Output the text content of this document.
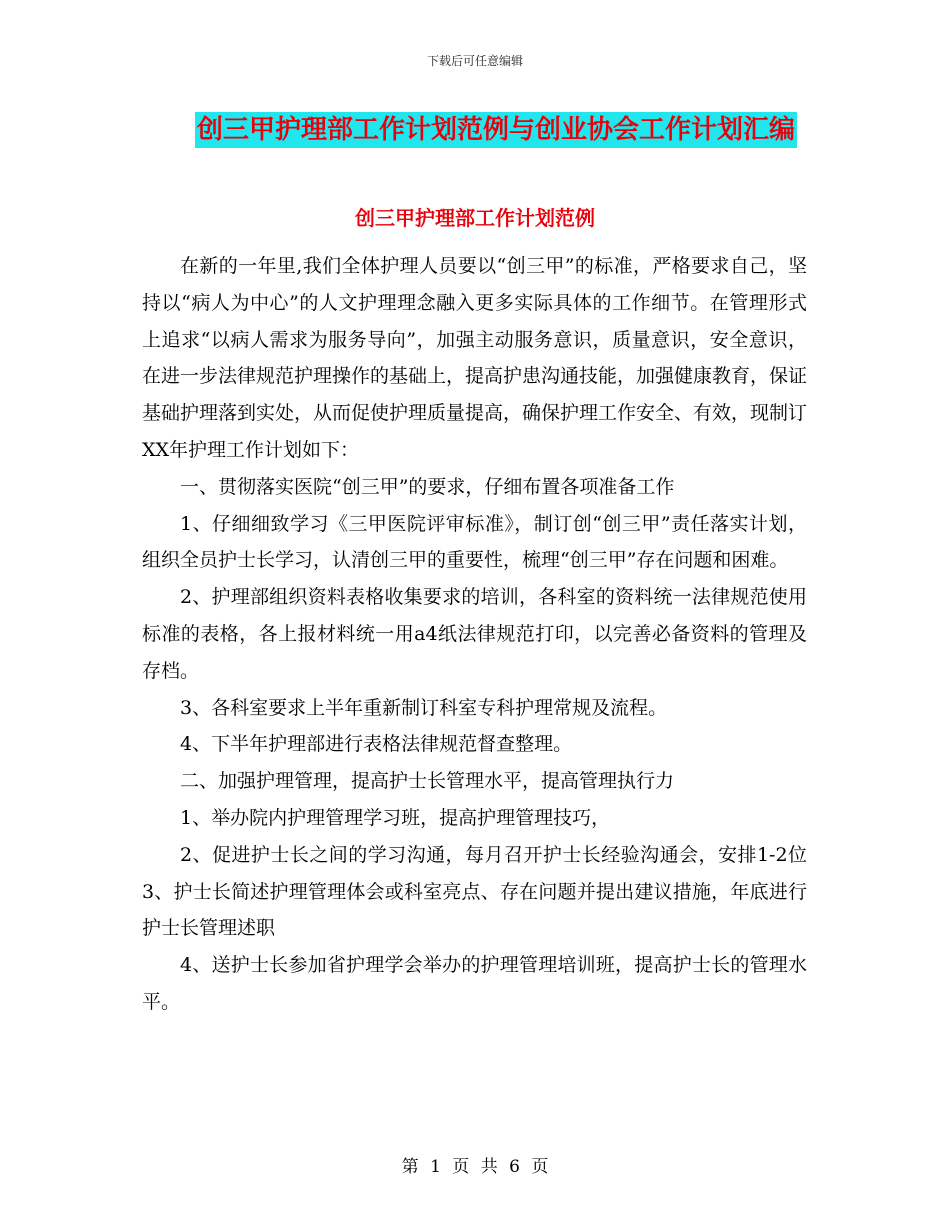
下载后可任意编辑
创三甲护理部工作计划范例与创业协会工作计划汇编
创三甲护理部工作计划范例

在新的一年里,我们全体护理人员要以“创三甲”的标准，严格要求自己，坚持以“病人为中心”的人文护理理念融入更多实际具体的工作细节。在管理形式上追求“以病人需求为服务导向”，加强主动服务意识，质量意识，安全意识，在进一步法律规范护理操作的基础上，提高护患沟通技能，加强健康教育，保证基础护理落到实处，从而促使护理质量提高，确保护理工作安全、有效，现制订XX年护理工作计划如下：

一、贯彻落实医院“创三甲”的要求，仔细布置各项准备工作

1、仔细细致学习《三甲医院评审标准》，制订创“创三甲”责任落实计划，组织全员护士长学习，认清创三甲的重要性，梳理“创三甲”存在问题和困难。

2、护理部组织资料表格收集要求的培训，各科室的资料统一法律规范使用标准的表格，各上报材料统一用a4纸法律规范打印，以完善必备资料的管理及存档。

3、各科室要求上半年重新制订科室专科护理常规及流程。

4、下半年护理部进行表格法律规范督查整理。

二、加强护理管理，提高护士长管理水平，提高管理执行力

1、举办院内护理管理学习班，提高护理管理技巧，

2、促进护士长之间的学习沟通，每月召开护士长经验沟通会，安排1-2位3、护士长简述护理管理体会或科室亮点、存在问题并提出建议措施，年底进行护士长管理述职

4、送护士长参加省护理学会举办的护理管理培训班，提高护士长的管理水平。

第 1 页 共 6 页
